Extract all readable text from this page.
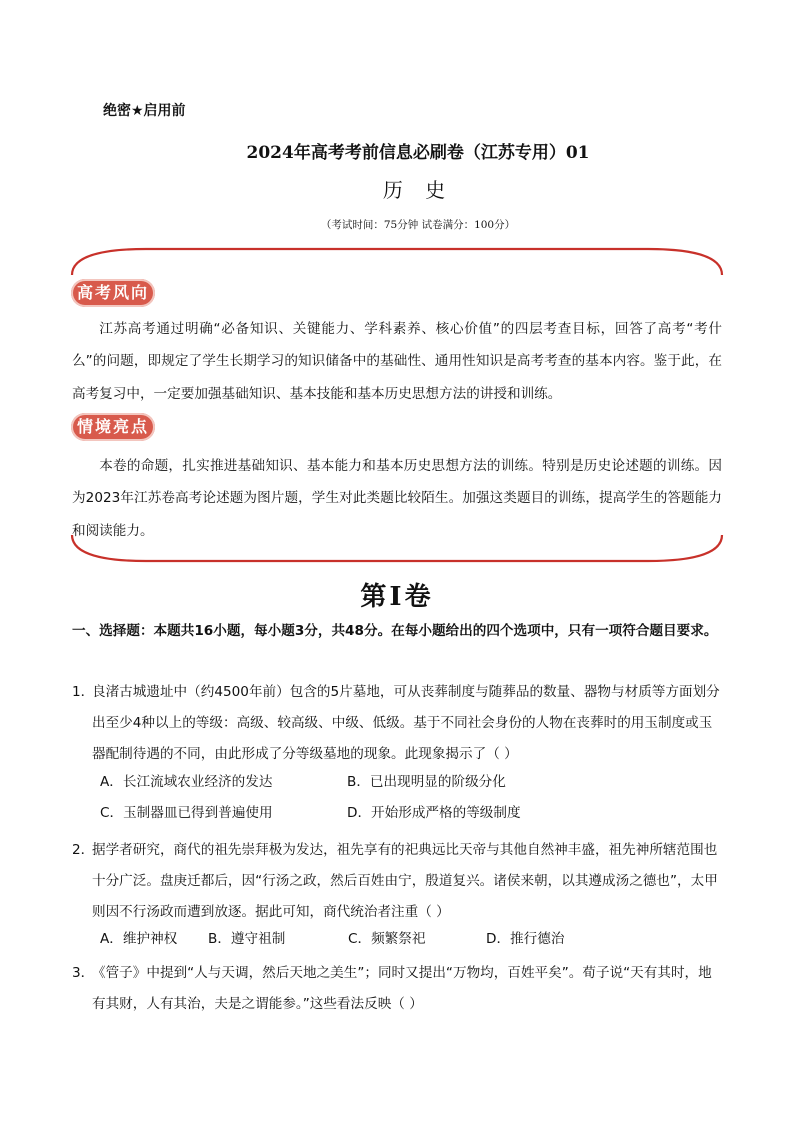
绝密★启用前
2024年高考考前信息必刷卷（江苏专用）01
历 史
（考试时间：75分钟 试卷满分：100分）
高考风向
江苏高考通过明确“必备知识、关键能力、学科素养、核心价值”的四层考查目标，回答了高考“考什么”的问题，即规定了学生长期学习的知识储备中的基础性、通用性知识是高考考查的基本内容。鉴于此，在高考复习中，一定要加强基础知识、基本技能和基本历史思想方法的讲授和训练。
情境亮点
本卷的命题，扎实推进基础知识、基本能力和基本历史思想方法的训练。特别是历史论述题的训练。因为2023年江苏卷高考论述题为图片题，学生对此类题比较陌生。加强这类题目的训练，提高学生的答题能力和阅读能力。
第I卷
一、选择题：本题共16小题，每小题3分，共48分。在每小题给出的四个选项中，只有一项符合题目要求。
1．
良渚古城遗址中（约4500年前）包含的5片墓地，可从丧葬制度与随葬品的数量、器物与材质等方面划分出至少4种以上的等级：高级、较高级、中级、低级。基于不同社会身份的人物在丧葬时的用玉制度或玉器配制待遇的不同，由此形成了分等级墓地的现象。此现象揭示了（ ）
A．长江流域农业经济的发达	B．已出现明显的阶级分化
C．玉制器皿已得到普遍使用	D．开始形成严格的等级制度
2．
据学者研究，商代的祖先崇拜极为发达，祖先享有的祀典远比天帝与其他自然神丰盛，祖先神所辖范围也十分广泛。盘庚迁都后，因“行汤之政，然后百姓由宁，殷道复兴。诸侯来朝，以其遵成汤之德也”，太甲则因不行汤政而遭到放逐。据此可知，商代统治者注重（ ）
A．维护神权 B．遵守祖制	C．频繁祭祀	D．推行德治
3．
《管子》中提到“人与天调，然后天地之美生”；同时又提出“万物均，百姓平矣”。荀子说“天有其时，地有其财，人有其治，夫是之谓能参。”这些看法反映（ ）
